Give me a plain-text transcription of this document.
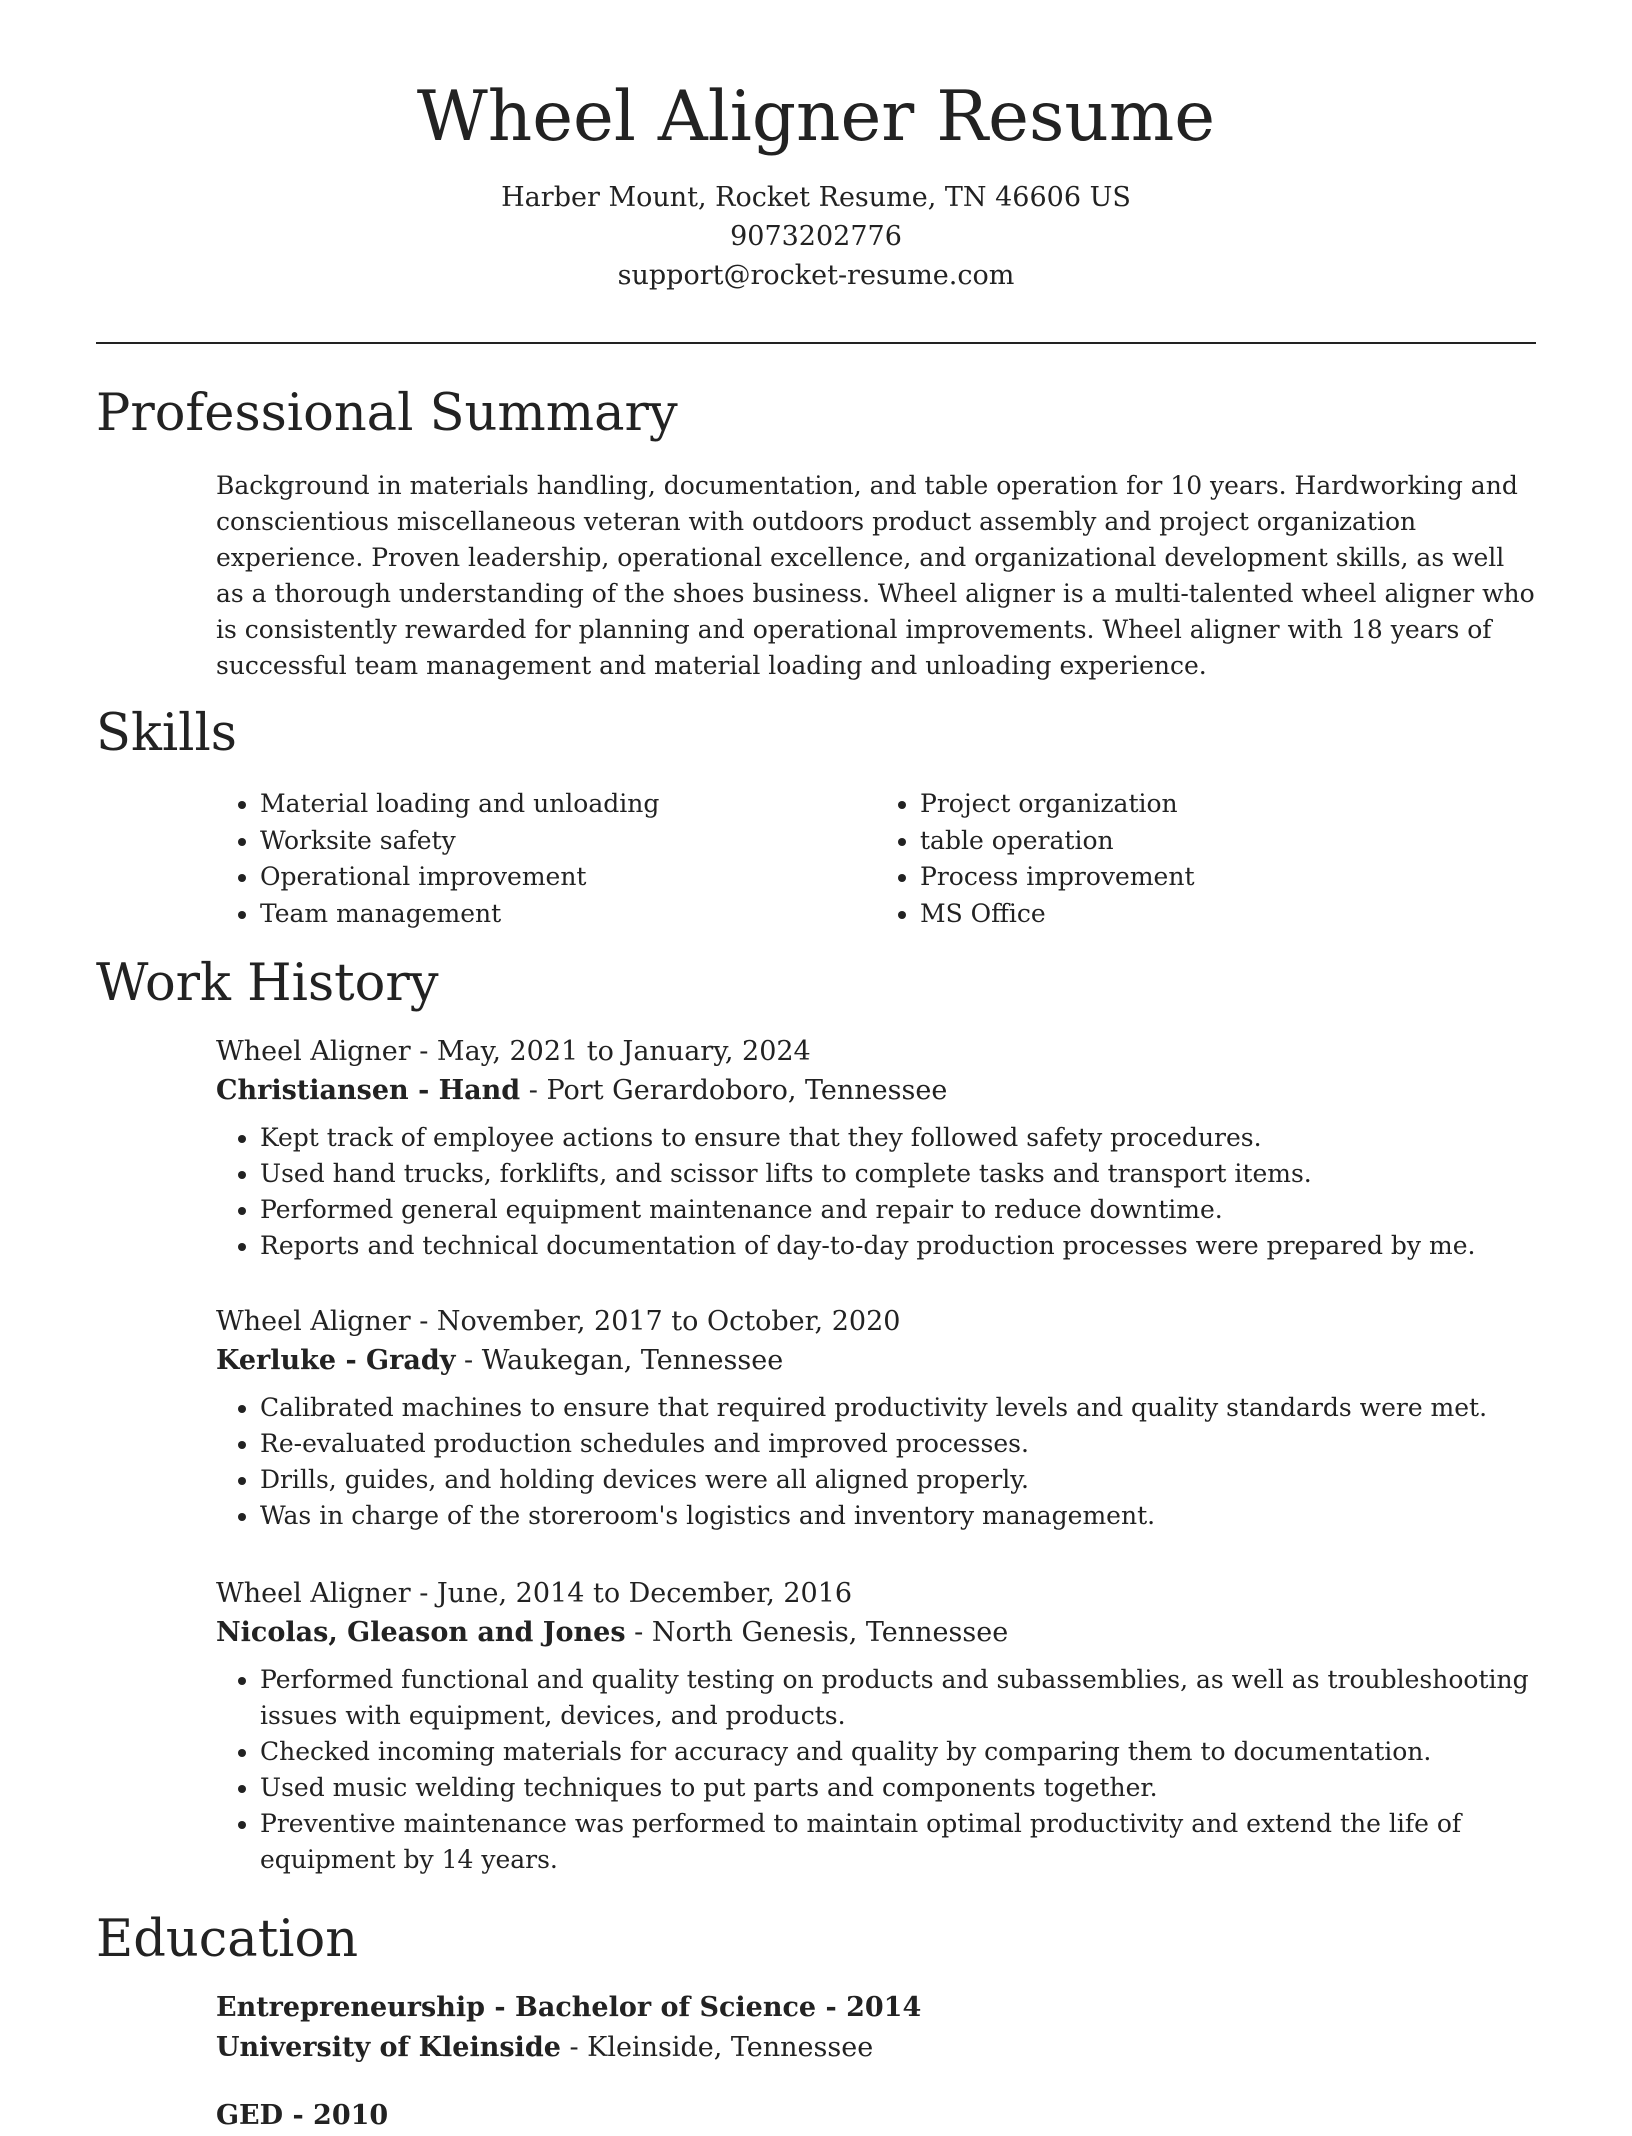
Wheel Aligner Resume
Harber Mount, Rocket Resume, TN 46606 US
9073202776
support@rocket-resume.com
Professional Summary
Background in materials handling, documentation, and table operation for 10 years. Hardworking and conscientious miscellaneous veteran with outdoors product assembly and project organization experience. Proven leadership, operational excellence, and organizational development skills, as well as a thorough understanding of the shoes business. Wheel aligner is a multi-talented wheel aligner who is consistently rewarded for planning and operational improvements. Wheel aligner with 18 years of successful team management and material loading and unloading experience.
Skills
• Material loading and unloading
• Worksite safety
• Operational improvement
• Team management
• Project organization
• table operation
• Process improvement
• MS Office
Work History
Wheel Aligner - May, 2021 to January, 2024
Christiansen - Hand - Port Gerardoboro, Tennessee
• Kept track of employee actions to ensure that they followed safety procedures.
• Used hand trucks, forklifts, and scissor lifts to complete tasks and transport items.
• Performed general equipment maintenance and repair to reduce downtime.
• Reports and technical documentation of day-to-day production processes were prepared by me.
Wheel Aligner - November, 2017 to October, 2020
Kerluke - Grady - Waukegan, Tennessee
• Calibrated machines to ensure that required productivity levels and quality standards were met.
• Re-evaluated production schedules and improved processes.
• Drills, guides, and holding devices were all aligned properly.
• Was in charge of the storeroom's logistics and inventory management.
Wheel Aligner - June, 2014 to December, 2016
Nicolas, Gleason and Jones - North Genesis, Tennessee
• Performed functional and quality testing on products and subassemblies, as well as troubleshooting issues with equipment, devices, and products.
• Checked incoming materials for accuracy and quality by comparing them to documentation.
• Used music welding techniques to put parts and components together.
• Preventive maintenance was performed to maintain optimal productivity and extend the life of equipment by 14 years.
Education
Entrepreneurship - Bachelor of Science - 2014
University of Kleinside - Kleinside, Tennessee
GED - 2010
